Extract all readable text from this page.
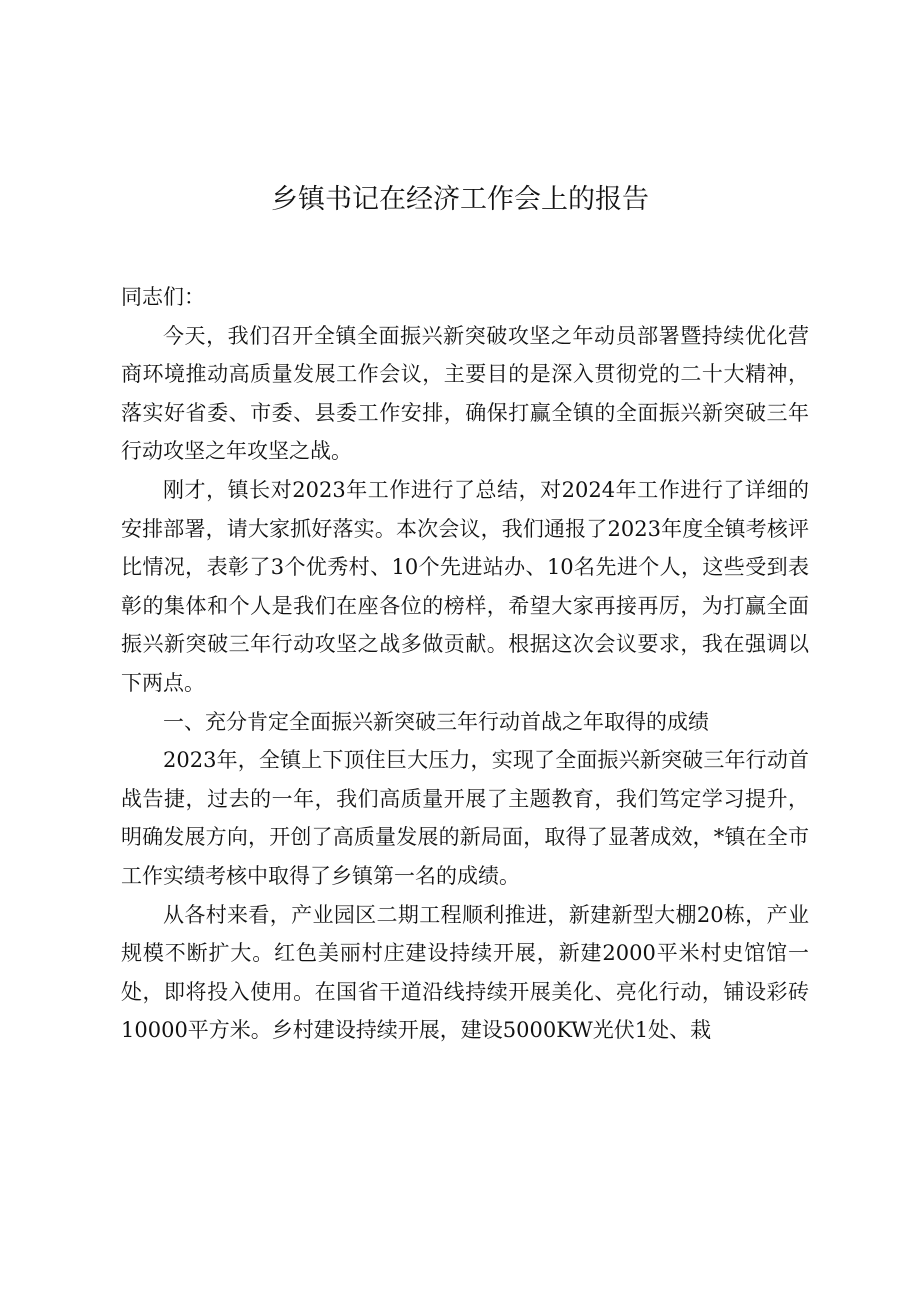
乡镇书记在经济工作会上的报告

同志们：

今天，我们召开全镇全面振兴新突破攻坚之年动员部署暨持续优化营商环境推动高质量发展工作会议，主要目的是深入贯彻党的二十大精神，落实好省委、市委、县委工作安排，确保打赢全镇的全面振兴新突破三年行动攻坚之年攻坚之战。

刚才，镇长对2023年工作进行了总结，对2024年工作进行了详细的安排部署，请大家抓好落实。本次会议，我们通报了2023年度全镇考核评比情况，表彰了3个优秀村、10个先进站办、10名先进个人，这些受到表彰的集体和个人是我们在座各位的榜样，希望大家再接再厉，为打赢全面振兴新突破三年行动攻坚之战多做贡献。根据这次会议要求，我在强调以下两点。

一、充分肯定全面振兴新突破三年行动首战之年取得的成绩

2023年，全镇上下顶住巨大压力，实现了全面振兴新突破三年行动首战告捷，过去的一年，我们高质量开展了主题教育，我们笃定学习提升，明确发展方向，开创了高质量发展的新局面，取得了显著成效，*镇在全市工作实绩考核中取得了乡镇第一名的成绩。

从各村来看，产业园区二期工程顺利推进，新建新型大棚20栋，产业规模不断扩大。红色美丽村庄建设持续开展，新建2000平米村史馆馆一处，即将投入使用。在国省干道沿线持续开展美化、亮化行动，铺设彩砖10000平方米。乡村建设持续开展，建设5000KW光伏1处、栽
